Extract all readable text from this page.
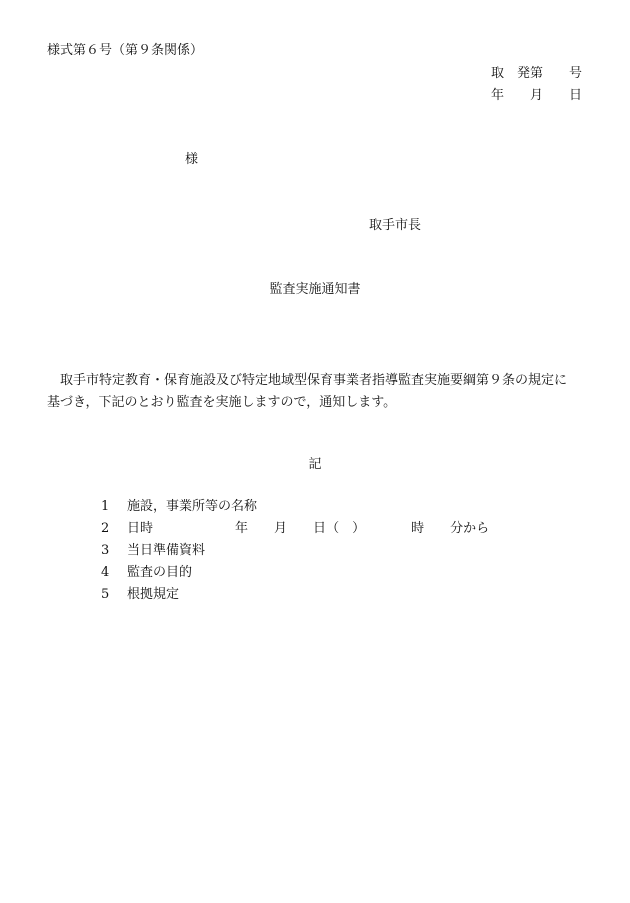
様式第６号（第９条関係）
取 発第 号
年 月 日
様
取手市長
監査実施通知書

取手市特定教育・保育施設及び特定地域型保育事業者指導監査実施要綱第９条の規定に

基づき，下記のとおり監査を実施しますので，通知します。

記
1 施設，事業所等の名称
2 日時	年 月 日（　）	時 分から
3 当日準備資料
4 監査の目的
5 根拠規定
